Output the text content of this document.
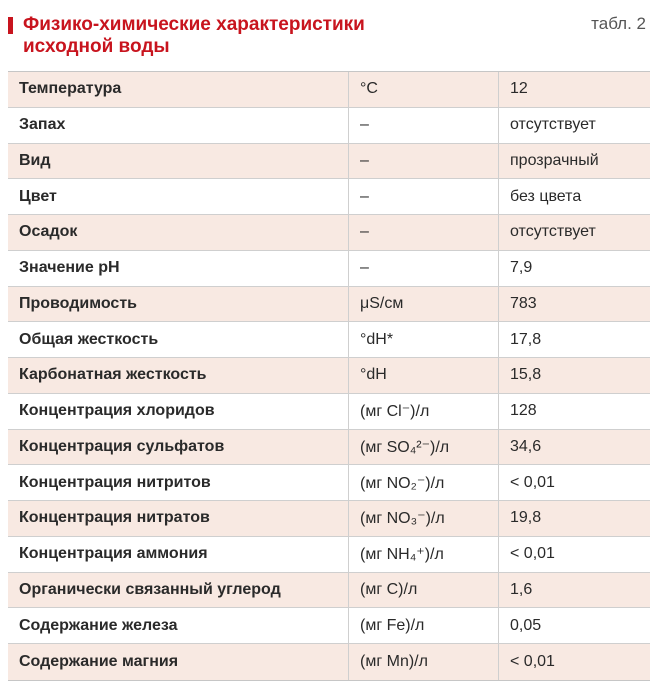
Физико-химические характеристики
исходной воды
табл. 2
Температура	°С	12
Запах	–	отсутствует
Вид	–	прозрачный
Цвет	–	без цвета
Осадок	–	отсутствует
Значение pH	–	7,9
Проводимость	μS/см	783
Общая жесткость	°dH*	17,8
Карбонатная жесткость	°dH	15,8
Концентрация хлоридов	(мг Cl⁻)/л	128
Концентрация сульфатов	(мг SO₄²⁻)/л	34,6
Концентрация нитритов	(мг NO₂⁻)/л	< 0,01
Концентрация нитратов	(мг NO₃⁻)/л	19,8
Концентрация аммония	(мг NH₄⁺)/л	< 0,01
Органически связанный углерод	(мг C)/л	1,6
Содержание железа	(мг Fe)/л	0,05
Содержание магния	(мг Mn)/л	< 0,01
